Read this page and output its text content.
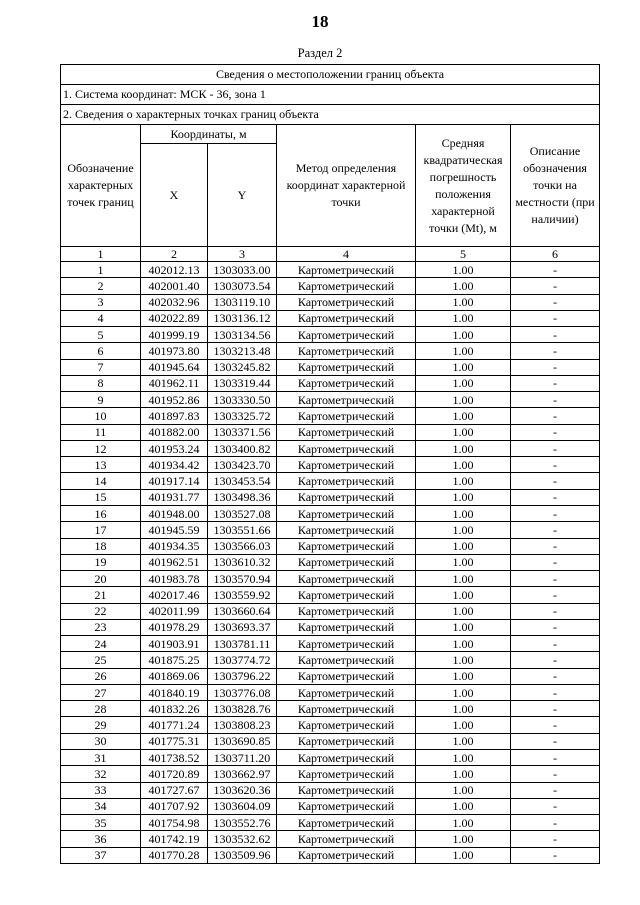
18
Раздел 2
Сведения о местоположении границ объекта					
1. Система координат: МСК - 36, зона 1					
2. Сведения о характерных точках границ объекта					
Обозначение характерных точек границ	Координаты, м		Метод определения координат характерной точки	Средняя квадратическая погрешность положения характерной точки (Mt), м	Описание обозначения точки на местности (при наличии)
	X	Y			
1	2	3	4	5	6
1	402012.13	1303033.00	Картометрический	1.00	-
2	402001.40	1303073.54	Картометрический	1.00	-
3	402032.96	1303119.10	Картометрический	1.00	-
4	402022.89	1303136.12	Картометрический	1.00	-
5	401999.19	1303134.56	Картометрический	1.00	-
6	401973.80	1303213.48	Картометрический	1.00	-
7	401945.64	1303245.82	Картометрический	1.00	-
8	401962.11	1303319.44	Картометрический	1.00	-
9	401952.86	1303330.50	Картометрический	1.00	-
10	401897.83	1303325.72	Картометрический	1.00	-
11	401882.00	1303371.56	Картометрический	1.00	-
12	401953.24	1303400.82	Картометрический	1.00	-
13	401934.42	1303423.70	Картометрический	1.00	-
14	401917.14	1303453.54	Картометрический	1.00	-
15	401931.77	1303498.36	Картометрический	1.00	-
16	401948.00	1303527.08	Картометрический	1.00	-
17	401945.59	1303551.66	Картометрический	1.00	-
18	401934.35	1303566.03	Картометрический	1.00	-
19	401962.51	1303610.32	Картометрический	1.00	-
20	401983.78	1303570.94	Картометрический	1.00	-
21	402017.46	1303559.92	Картометрический	1.00	-
22	402011.99	1303660.64	Картометрический	1.00	-
23	401978.29	1303693.37	Картометрический	1.00	-
24	401903.91	1303781.11	Картометрический	1.00	-
25	401875.25	1303774.72	Картометрический	1.00	-
26	401869.06	1303796.22	Картометрический	1.00	-
27	401840.19	1303776.08	Картометрический	1.00	-
28	401832.26	1303828.76	Картометрический	1.00	-
29	401771.24	1303808.23	Картометрический	1.00	-
30	401775.31	1303690.85	Картометрический	1.00	-
31	401738.52	1303711.20	Картометрический	1.00	-
32	401720.89	1303662.97	Картометрический	1.00	-
33	401727.67	1303620.36	Картометрический	1.00	-
34	401707.92	1303604.09	Картометрический	1.00	-
35	401754.98	1303552.76	Картометрический	1.00	-
36	401742.19	1303532.62	Картометрический	1.00	-
37	401770.28	1303509.96	Картометрический	1.00	-
